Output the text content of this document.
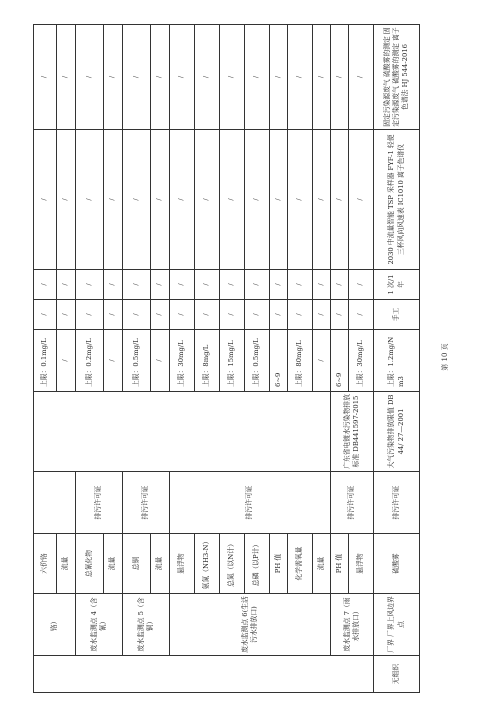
	铬）	六价铬			上限：0.1mg/L	/	/	/	/
		流量			/	/	/	/	/
	废水监测点 4（含氰）	总氰化物	排污许可证		上限：0.2mg/L	/	/	/	/
		流量			/	/	/	/	/
	废水监测点 5（含铜）	总铜	排污许可证		上限：0.5mg/L	/	/	/	/
		流量			/	/	/	/	/
	废水监测点 6(生活污水排放口)	悬浮物	排污许可证		上限：30mg/L	/	/	/	/
		氨氮（NH3-N）			上限：8mg/L	/	/	/	/
		总氮（以N计）			上限：15mg/L	/	/	/	/
		总磷（以P计）			上限：0.5mg/L	/	/	/	/
		PH 值			6~9	/	/	/	/
		化学需氧量			上限：80mg/L	/	/	/	/
		流量			/	/	/	/	/
	废水监测点 7（雨水排放口）	PH 值	排污许可证	广东省电镀水污染物排放标准 DB441597-2015	6~9	/	/	/	/
		悬浮物			上限：30mg/L	/	/	/	/
无组织	厂界 厂界上风边界点	硫酸雾	排污许可证	大气污染物排放限值 DB44/ 27—2001	上限：1.2mg/Nm3	手工	1 次/1 年	2030 中流量智能 TSP 采样器 FYF-1 轻便三杯风向风速表 IC1010 离子色谱仪	固定污染源废气 硫酸雾的测定 固定污染源废气 硫酸雾的测定 离子色谱法 HJ 544-2016
第 10 页
